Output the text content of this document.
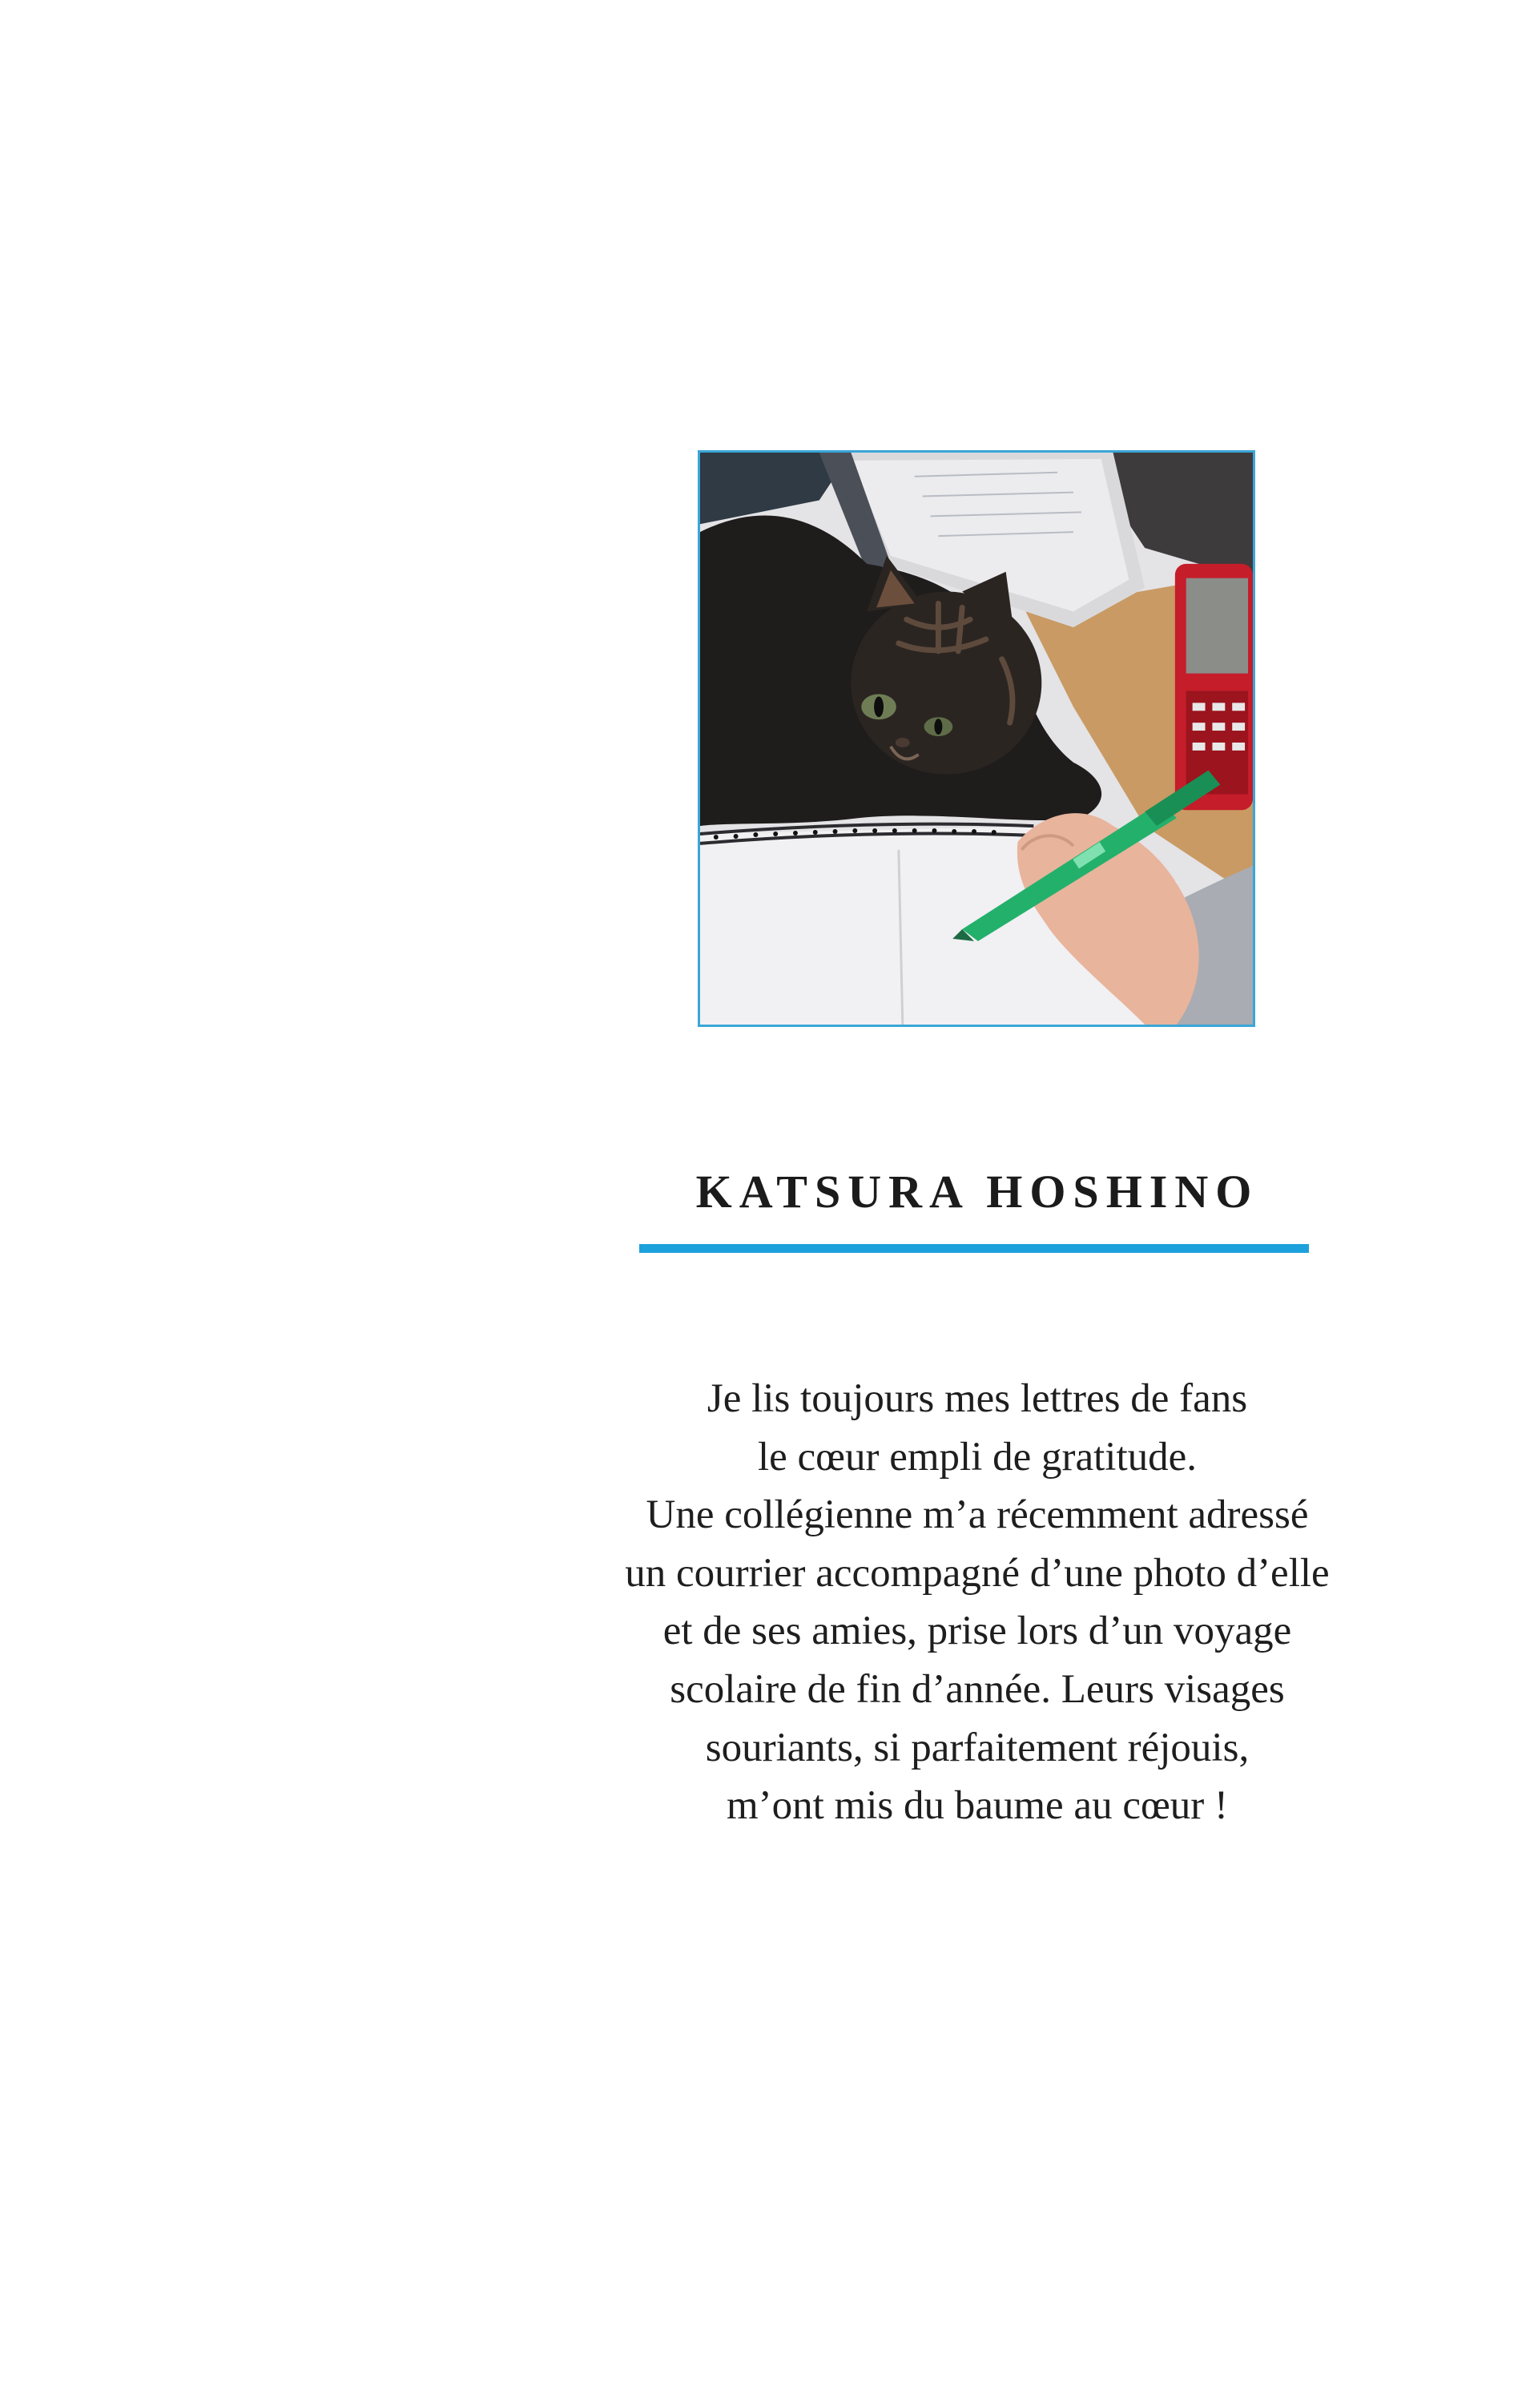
KATSURA HOSHINO
Je lis toujours mes lettres de fans
le cœur empli de gratitude.
Une collégienne m’a récemment adressé
un courrier accompagné d’une photo d’elle
et de ses amies, prise lors d’un voyage
scolaire de fin d’année. Leurs visages
souriants, si parfaitement réjouis,
m’ont mis du baume au cœur !
